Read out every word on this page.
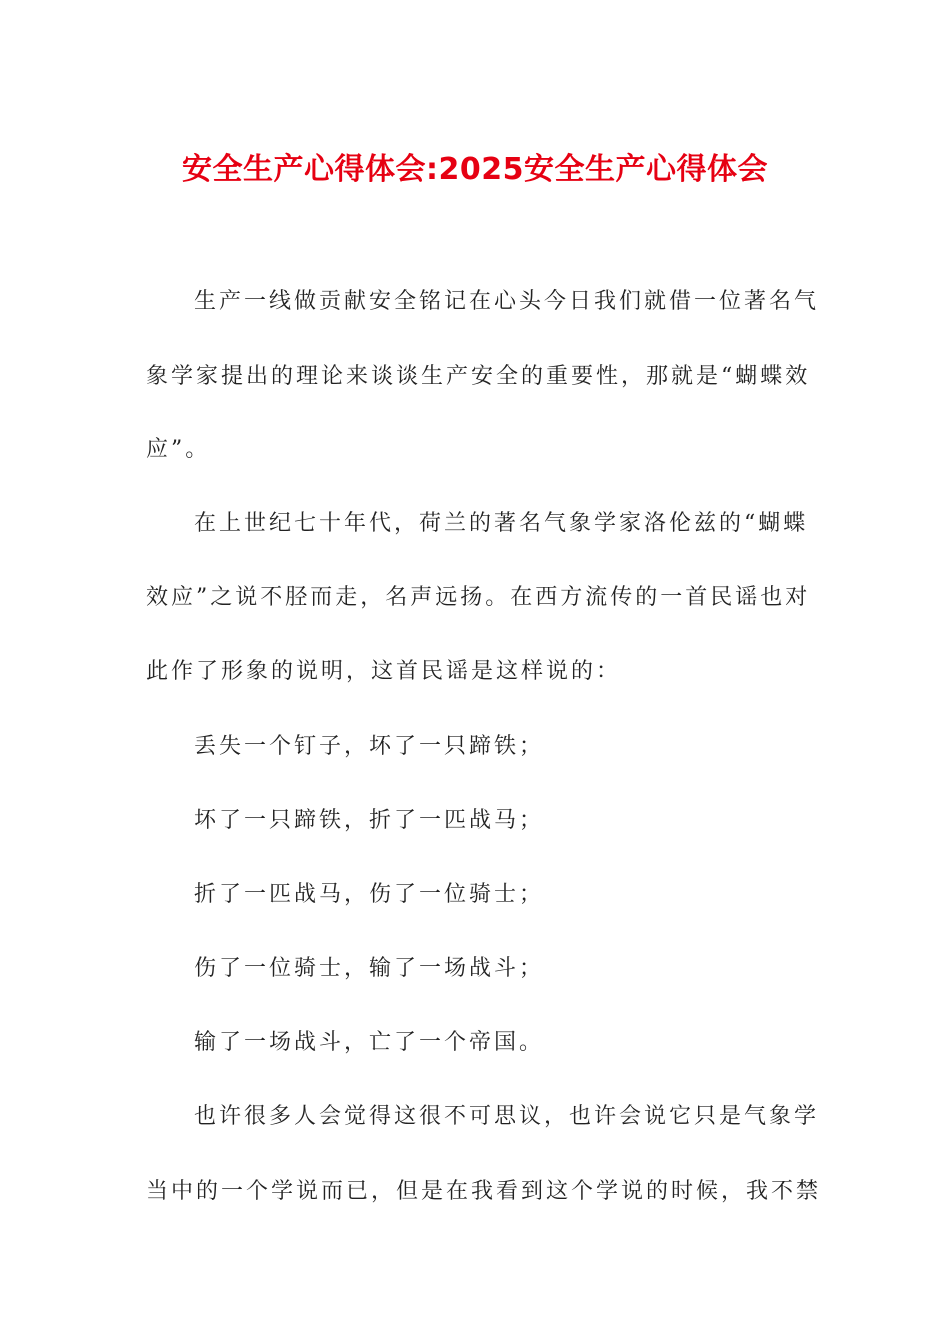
安全生产心得体会:2025安全生产心得体会
生产一线做贡献安全铭记在心头今日我们就借一位著名气
象学家提出的理论来谈谈生产安全的重要性，那就是“蝴蝶效
应”。
在上世纪七十年代，荷兰的著名气象学家洛伦兹的“蝴蝶
效应”之说不胫而走，名声远扬。在西方流传的一首民谣也对
此作了形象的说明，这首民谣是这样说的：
丢失一个钉子，坏了一只蹄铁；
坏了一只蹄铁，折了一匹战马；
折了一匹战马，伤了一位骑士；
伤了一位骑士，输了一场战斗；
输了一场战斗，亡了一个帝国。
也许很多人会觉得这很不可思议，也许会说它只是气象学
当中的一个学说而已，但是在我看到这个学说的时候，我不禁
